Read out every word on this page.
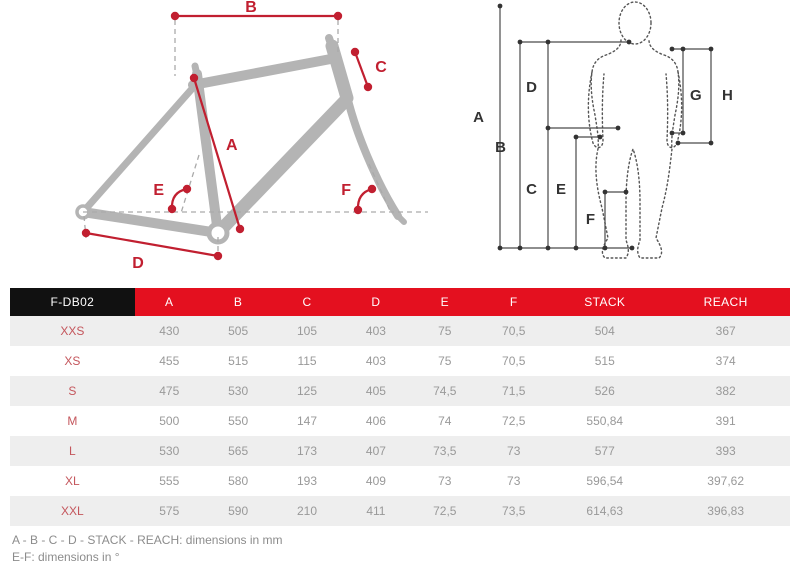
B
C
A
D
E	F
A
B
D
C E
F
G H
F-DB02	A	B	C	D	E	F	STACK	REACH
XXS	430	505	105	403	75	70,5	504	367
XS	455	515	115	403	75	70,5	515	374
S	475	530	125	405	74,5	71,5	526	382
M	500	550	147	406	74	72,5	550,84	391
L	530	565	173	407	73,5	73	577	393
XL	555	580	193	409	73	73	596,54	397,62
XXL	575	590	210	411	72,5	73,5	614,63	396,83
A - B - C - D - STACK - REACH: dimensions in mm
E-F: dimensions in °
